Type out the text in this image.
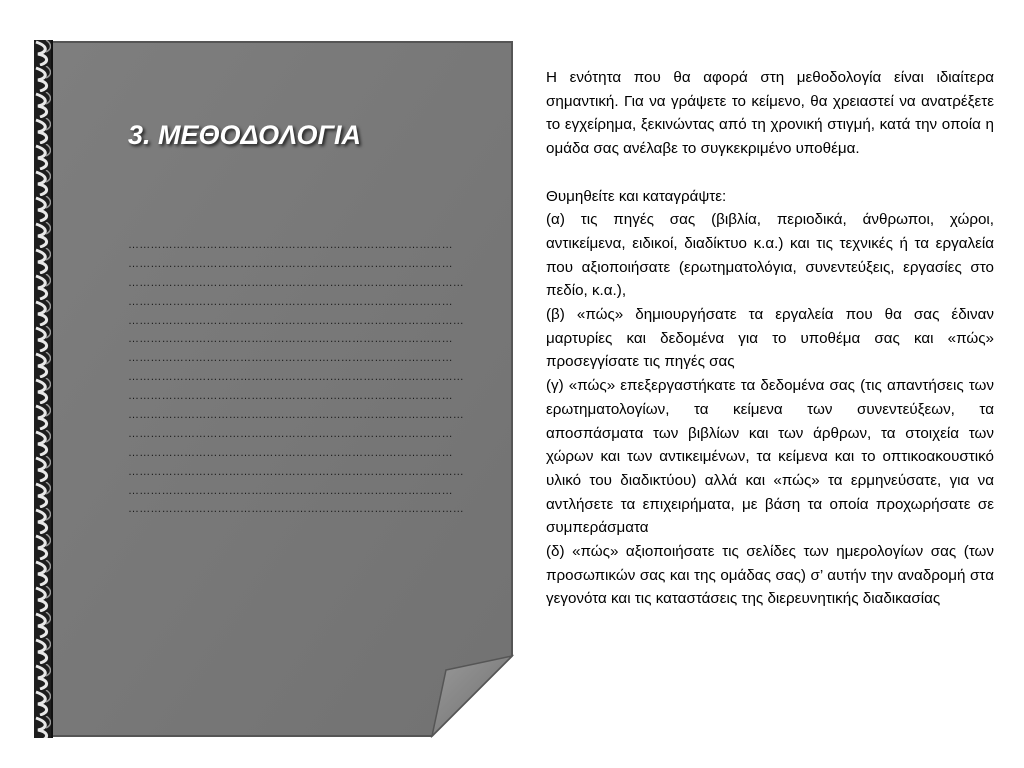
3. ΜΕΘΟΔΟΛΟΓΙΑ
……………………………………………………………………………
……………………………………………………………………………
………………………………………………………………………………
……………………………………………………………………………
………………………………………………………………………………
……………………………………………………………………………
……………………………………………………………………………
………………………………………………………………………………
……………………………………………………………………………
………………………………………………………………………………
……………………………………………………………………………
……………………………………………………………………………
………………………………………………………………………………
……………………………………………………………………………
………………………………………………………………………………

Η ενότητα που θα αφορά στη μεθοδολογία είναι ιδιαίτερα σημαντική. Για να γράψετε το κείμενο, θα χρειαστεί να ανατρέξετε το εγχείρημα, ξεκινώντας από τη χρονική στιγμή, κατά την οποία η ομάδα σας ανέλαβε το συγκεκριμένο υποθέμα.

Θυμηθείτε και καταγράψτε:

(α) τις πηγές σας (βιβλία, περιοδικά, άνθρωποι, χώροι, αντικείμενα, ειδικοί, διαδίκτυο κ.α.) και τις τεχνικές ή τα εργαλεία που αξιοποιήσατε (ερωτηματολόγια, συνεντεύξεις, εργασίες στο πεδίο, κ.α.),

(β) «πώς» δημιουργήσατε τα εργαλεία που θα σας έδιναν μαρτυρίες και δεδομένα για το υποθέμα σας και «πώς» προσεγγίσατε τις πηγές σας

(γ) «πώς» επεξεργαστήκατε τα δεδομένα σας (τις απαντήσεις των ερωτηματολογίων, τα κείμενα των συνεντεύξεων, τα αποσπάσματα των βιβλίων και των άρθρων, τα στοιχεία των χώρων και των αντικειμένων, τα κείμενα και το οπτικοακουστικό υλικό του διαδικτύου) αλλά και «πώς» τα ερμηνεύσατε, για να αντλήσετε τα επιχειρήματα, με βάση τα οποία προχωρήσατε σε συμπεράσματα

(δ) «πώς» αξιοποιήσατε τις σελίδες των ημερολογίων σας (των προσωπικών σας και της ομάδας σας) σ’ αυτήν την αναδρομή στα γεγονότα και τις καταστάσεις της διερευνητικής διαδικασίας
